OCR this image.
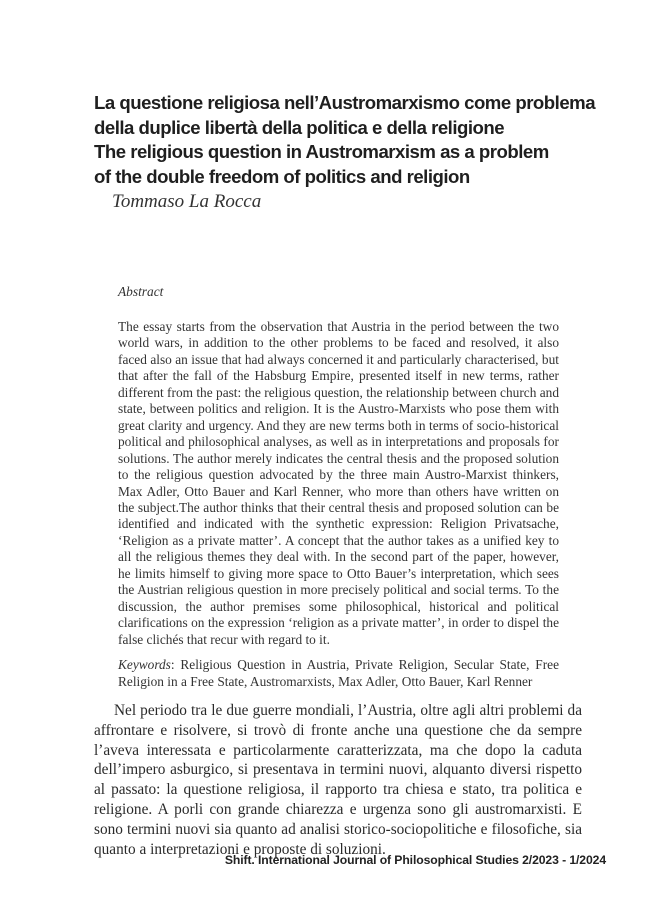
La questione religiosa nell’Austromarxismo come problema
della duplice libertà della politica e della religione
The religious question in Austromarxism as a problem
of the double freedom of politics and religion
Tommaso La Rocca

Abstract

The essay starts from the observation that Austria in the period between the two world wars, in addition to the other problems to be faced and resolved, it also faced also an issue that had always concerned it and particularly characterised, but that after the fall of the Habsburg Empire, presented itself in new terms, rather different from the past: the religious question, the relationship between church and state, between politics and religion. It is the Austro-Marxists who pose them with great clarity and urgency. And they are new terms both in terms of socio-historical political and philosophical analyses, as well as in interpretations and proposals for solutions. The author merely indicates the central thesis and the proposed solution to the religious question advocated by the three main Austro-Marxist thinkers, Max Adler, Otto Bauer and Karl Renner, who more than others have written on the subject.The author thinks that their central thesis and proposed solution can be identified and indicated with the synthetic expression: Religion Privatsache, ‘Religion as a private matter’. A concept that the author takes as a unified key to all the religious themes they deal with. In the second part of the paper, however, he limits himself to giving more space to Otto Bauer’s interpretation, which sees the Austrian religious question in more precisely political and social terms. To the discussion, the author premises some philosophical, historical and political clarifications on the expression ‘religion as a private matter’, in order to dispel the false clichés that recur with regard to it.

Keywords: Religious Question in Austria, Private Religion, Secular State, Free Religion in a Free State, Austromarxists, Max Adler, Otto Bauer, Karl Renner

Nel periodo tra le due guerre mondiali, l’Austria, oltre agli altri problemi da affrontare e risolvere, si trovò di fronte anche una questione che da sempre l’aveva interessata e particolarmente caratterizzata, ma che dopo la caduta dell’impero asburgico, si presentava in termini nuovi, alquanto diversi rispetto al passato: la questione religiosa, il rapporto tra chiesa e stato, tra politica e religione. A porli con grande chiarezza e urgenza sono gli austromarxisti. E sono termini nuovi sia quanto ad analisi storico-sociopolitiche e filosofiche, sia quanto a interpretazioni e proposte di soluzioni.

Shift. International Journal of Philosophical Studies 2/2023 - 1/2024
